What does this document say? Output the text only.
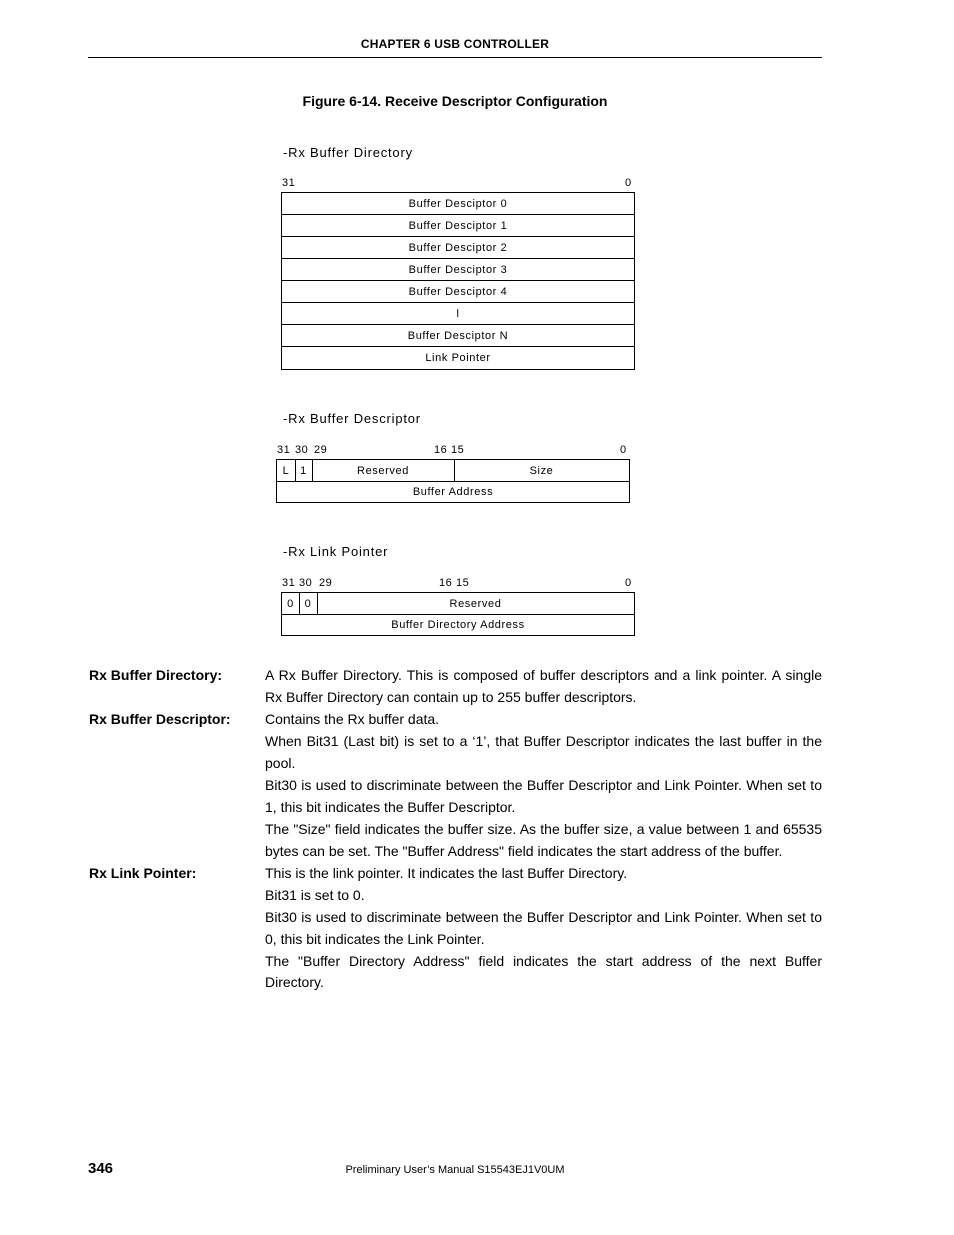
CHAPTER 6 USB CONTROLLER
Figure 6-14. Receive Descriptor Configuration
-Rx Buffer Directory
31	0
Buffer Desciptor 0
Buffer Desciptor 1
Buffer Desciptor 2
Buffer Desciptor 3
Buffer Desciptor 4
l
Buffer Desciptor N
Link Pointer
-Rx Buffer Descriptor
31 30 29	16 15	0
L 1	Reserved	Size
Buffer Address
-Rx Link Pointer
31 30 29	16 15	0
0 0	Reserved
Buffer Directory Address
Rx Buffer Directory:	A Rx Buffer Directory. This is composed of buffer descriptors and a link pointer. A single
Rx Buffer Directory can contain up to 255 buffer descriptors.
Rx Buffer Descriptor:	Contains the Rx buffer data.
When Bit31 (Last bit) is set to a ‘1’, that Buffer Descriptor indicates the last buffer in the
pool.
Bit30 is used to discriminate between the Buffer Descriptor and Link Pointer. When set to
1, this bit indicates the Buffer Descriptor.
The "Size" field indicates the buffer size. As the buffer size, a value between 1 and 65535
bytes can be set. The "Buffer Address" field indicates the start address of the buffer.
Rx Link Pointer:	This is the link pointer. It indicates the last Buffer Directory.
Bit31 is set to 0.
Bit30 is used to discriminate between the Buffer Descriptor and Link Pointer. When set to
0, this bit indicates the Link Pointer.
The  "Buffer  Directory  Address"  field  indicates  the  start  address  of  the  next  Buffer
Directory.
346	Preliminary User’s Manual S15543EJ1V0UM
